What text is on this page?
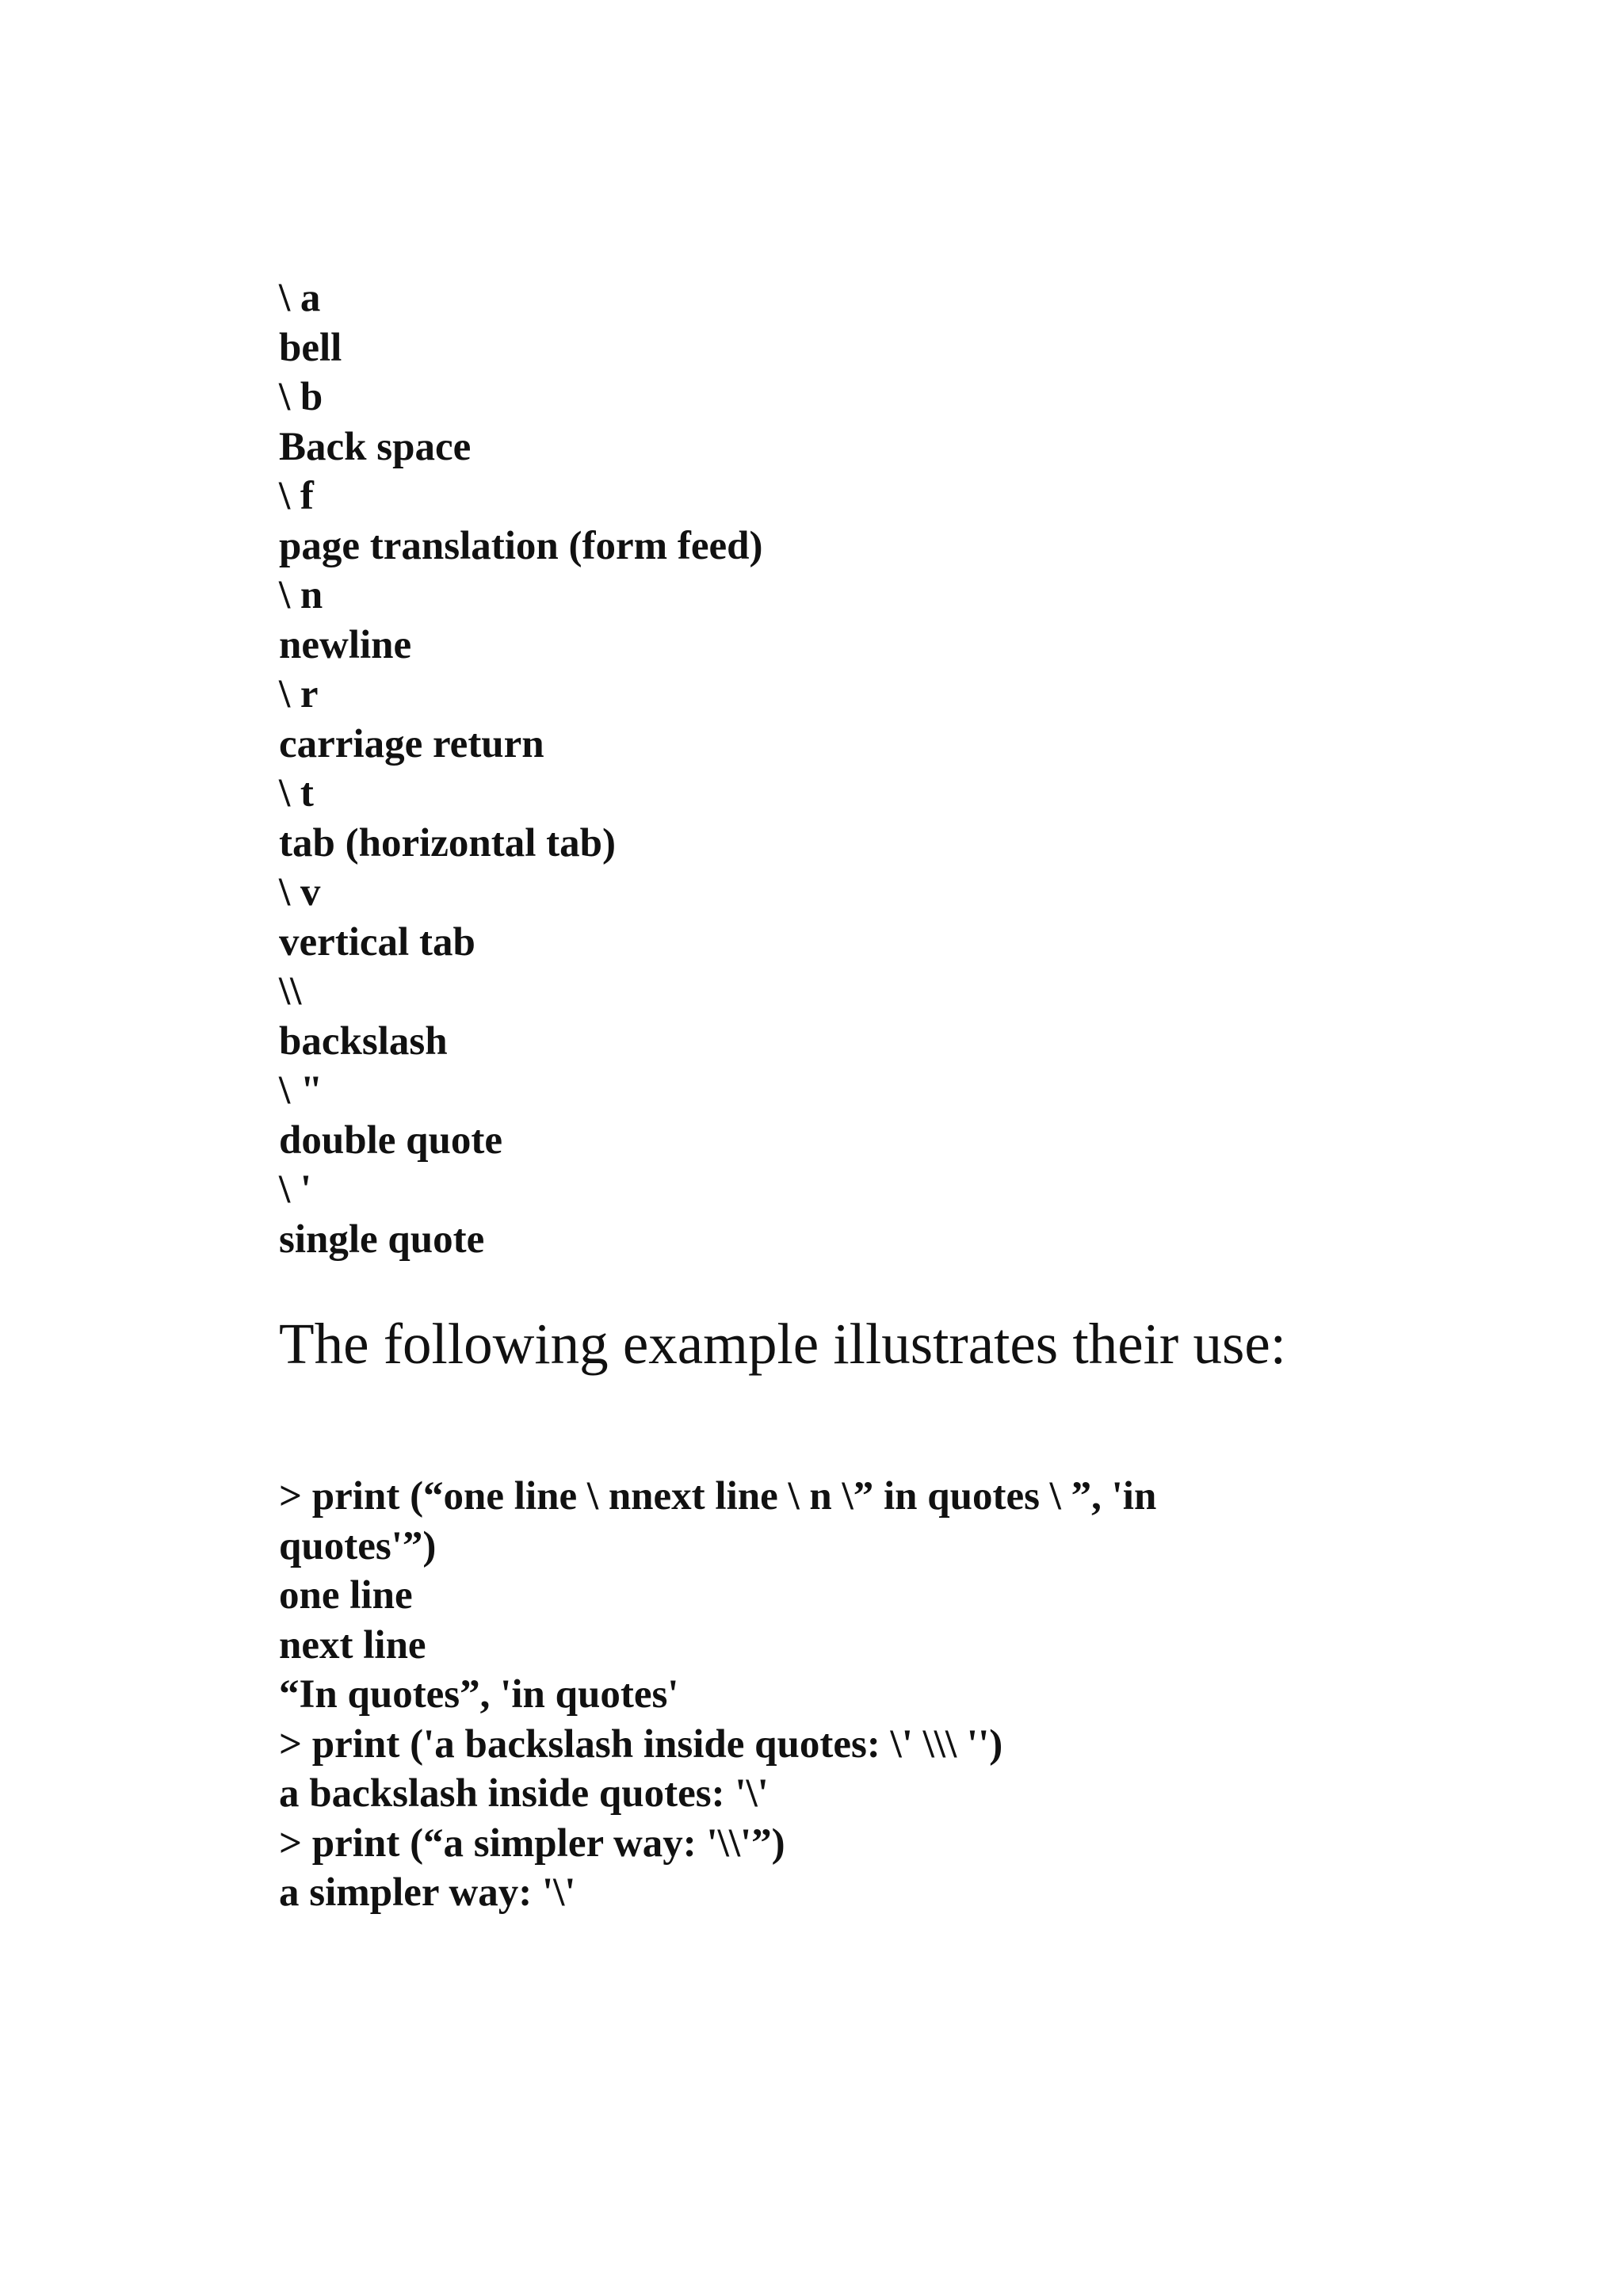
\ a
bell
\ b
Back space
\ f
page translation (form feed)
\ n
newline
\ r
carriage return
\ t
tab (horizontal tab)
\ v
vertical tab
\\
backslash
\ "
double quote
\ '
single quote

The following example illustrates their use:

> print (“one line \ nnext line \ n \” in quotes \ ”, 'in
quotes'”)
one line
next line
“In quotes”, 'in quotes'
> print ('a backslash inside quotes: \' \\\ '')
a backslash inside quotes: '\'
> print (“a simpler way: '\\'”)
a simpler way: '\'
